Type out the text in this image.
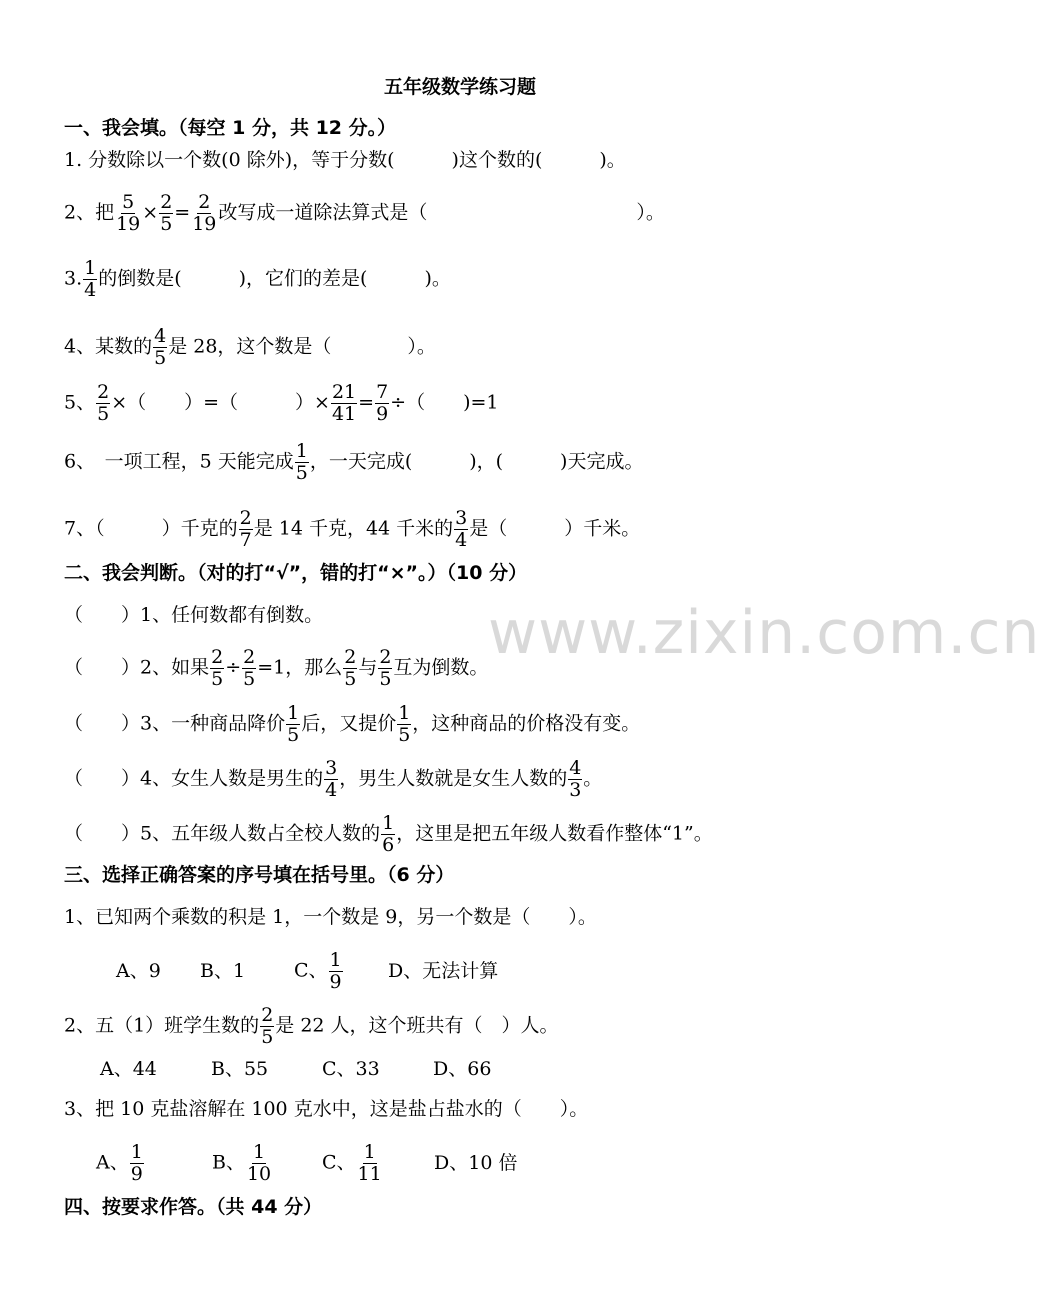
五年级数学练习题
www.zixin.com.cn
一、我会填。（每空 1 分，共 12 分。）
1. 分数除以一个数(0 除外)，等于分数(　　　)这个数的(　　　)。
2、把 $\frac{5}{19} \times \frac{2}{5} = \frac{2}{19}$ 改写成一道除法算式是（　　　　　　　　　　　）。
3. $\frac{1}{4}$ 的倒数是(　　　)，它们的差是(　　　)。
4、某数的 $\frac{4}{5}$ 是 28，这个数是（　　　　）。
5、 $\frac{2}{5}$ ×（　　）=（　　　）× $\frac{21}{41} = \frac{7}{9}$ ÷（　　)=1
6、　一项工程，5 天能完成 $\frac{1}{5}$ ，一天完成(　　　)，(　　　)天完成。
7、（　　　）千克的 $\frac{2}{7}$ 是 14 千克，44 千米的 $\frac{3}{4}$ 是（　　　）千米。
二、我会判断。（对的打“√”，错的打“×”。）（10 分）
（　　）1、任何数都有倒数。
（　　）2、如果 $\frac{2}{5} \div \frac{2}{5} =1$，那么 $\frac{2}{5}$ 与 $\frac{2}{5}$ 互为倒数。
（　　）3、一种商品降价 $\frac{1}{5}$ 后，又提价 $\frac{1}{5}$ ，这种商品的价格没有变。
（　　）4、女生人数是男生的 $\frac{3}{4}$ ，男生人数就是女生人数的 $\frac{4}{3}$ 。
（　　）5、五年级人数占全校人数的 $\frac{1}{6}$ ，这里是把五年级人数看作整体“1”。
三、选择正确答案的序号填在括号里。（6 分）
1、已知两个乘数的积是 1，一个数是 9，另一个数是（　　）。
A、9 B、1	C、 $\frac{1}{9}$ D、无法计算
2、五（1）班学生数的 $\frac{2}{5}$ 是 22 人，这个班共有（　）人。
A、44	B、55	C、33	D、66
3、把 10 克盐溶解在 100 克水中，这是盐占盐水的（　　）。
A、 $\frac{1}{9}$	B、 $\frac{1}{10}$	C、 $\frac{1}{11}$	D、10 倍
四、按要求作答。（共 44 分）
